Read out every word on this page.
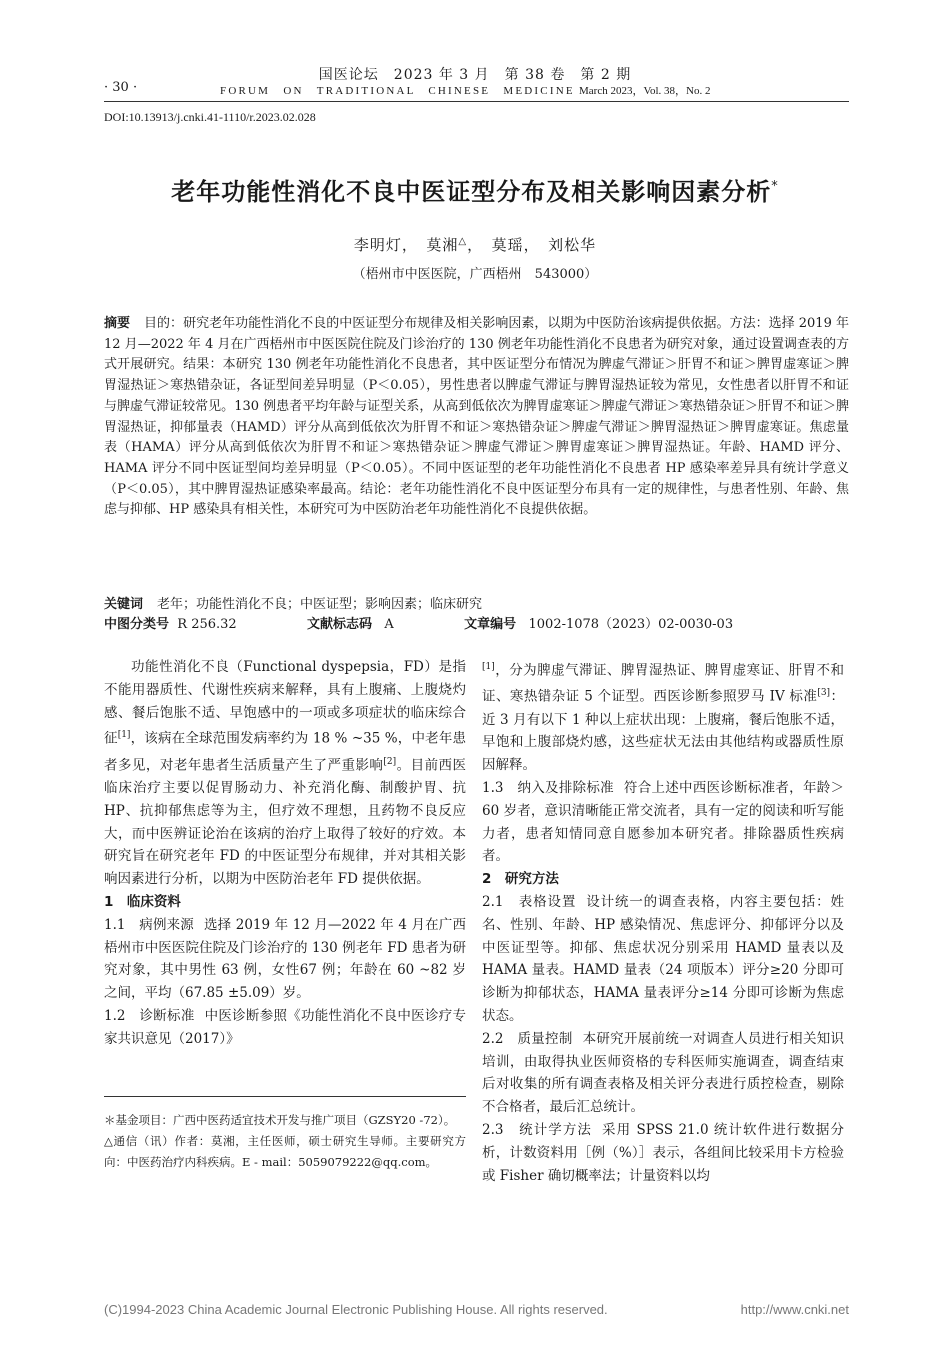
国医论坛　2023 年 3 月　第 38 卷　第 2 期
· 30 ·	FORUM　ON　TRADITIONAL　CHINESE　MEDICINE March 2023，Vol. 38，No. 2
DOI:10.13913/j.cnki.41-1110/r.2023.02.028
老年功能性消化不良中医证型分布及相关影响因素分析*
李明灯，　莫湘△，　莫瑶，　刘松华
（梧州市中医医院，广西梧州　543000）
摘要 目的：研究老年功能性消化不良的中医证型分布规律及相关影响因素，以期为中医防治该病提供依据。方法：选择 2019 年 12 月—2022 年 4 月在广西梧州市中医医院住院及门诊治疗的 130 例老年功能性消化不良患者为研究对象，通过设置调查表的方式开展研究。结果：本研究 130 例老年功能性消化不良患者，其中医证型分布情况为脾虚气滞证＞肝胃不和证＞脾胃虚寒证＞脾胃湿热证＞寒热错杂证，各证型间差异明显（P＜0.05），男性患者以脾虚气滞证与脾胃湿热证较为常见，女性患者以肝胃不和证与脾虚气滞证较常见。130 例患者平均年龄与证型关系，从高到低依次为脾胃虚寒证＞脾虚气滞证＞寒热错杂证＞肝胃不和证＞脾胃湿热证，抑郁量表（HAMD）评分从高到低依次为肝胃不和证＞寒热错杂证＞脾虚气滞证＞脾胃湿热证＞脾胃虚寒证。焦虑量表（HAMA）评分从高到低依次为肝胃不和证＞寒热错杂证＞脾虚气滞证＞脾胃虚寒证＞脾胃湿热证。年龄、HAMD 评分、HAMA 评分不同中医证型间均差异明显（P＜0.05）。不同中医证型的老年功能性消化不良患者 HP 感染率差异具有统计学意义（P＜0.05），其中脾胃湿热证感染率最高。结论：老年功能性消化不良中医证型分布具有一定的规律性，与患者性别、年龄、焦虑与抑郁、HP 感染具有相关性，本研究可为中医防治老年功能性消化不良提供依据。
关键词 老年；功能性消化不良；中医证型；影响因素；临床研究
中图分类号 R 256.32	文献标志码 A	文章编号 1002-1078（2023）02-0030-03

功能性消化不良（Functional dyspepsia，FD）是指不能用器质性、代谢性疾病来解释，具有上腹痛、上腹烧灼感、餐后饱胀不适、早饱感中的一项或多项症状的临床综合征[1]，该病在全球范围发病率约为 18 % ~35 %，中老年患者多见，对老年患者生活质量产生了严重影响[2]。目前西医临床治疗主要以促胃肠动力、补充消化酶、制酸护胃、抗 HP、抗抑郁焦虑等为主，但疗效不理想，且药物不良反应大，而中医辨证论治在该病的治疗上取得了较好的疗效。本研究旨在研究老年 FD 的中医证型分布规律，并对其相关影响因素进行分析，以期为中医防治老年 FD 提供依据。

1　临床资料

1.1　病例来源 选择 2019 年 12 月—2022 年 4 月在广西梧州市中医医院住院及门诊治疗的 130 例老年 FD 患者为研究对象，其中男性 63 例，女性67 例；年龄在 60 ~82 岁之间，平均（67.85 ±5.09）岁。

1.2　诊断标准 中医诊断参照《功能性消化不良中医诊疗专家共识意见（2017）》

＊基金项目：广西中医药适宜技术开发与推广项目（GZSY20 -72）。

△通信（讯）作者：莫湘，主任医师，硕士研究生导师。主要研究方向：中医药治疗内科疾病。E - mail：5059079222@qq.com。

[1]，分为脾虚气滞证、脾胃湿热证、脾胃虚寒证、肝胃不和证、寒热错杂证 5 个证型。西医诊断参照罗马 IV 标准[3]：近 3 月有以下 1 种以上症状出现：上腹痛，餐后饱胀不适，早饱和上腹部烧灼感，这些症状无法由其他结构或器质性原因解释。

1.3　纳入及排除标准 符合上述中西医诊断标准者，年龄＞60 岁者，意识清晰能正常交流者，具有一定的阅读和听写能力者，患者知情同意自愿参加本研究者。排除器质性疾病者。

2　研究方法

2.1　表格设置 设计统一的调查表格，内容主要包括：姓名、性别、年龄、HP 感染情况、焦虑评分、抑郁评分以及中医证型等。抑郁、焦虑状况分别采用 HAMD 量表以及 HAMA 量表。HAMD 量表（24 项版本）评分≥20 分即可诊断为抑郁状态，HAMA 量表评分≥14 分即可诊断为焦虑状态。

2.2　质量控制 本研究开展前统一对调查人员进行相关知识培训，由取得执业医师资格的专科医师实施调查，调查结束后对收集的所有调查表格及相关评分表进行质控检查，剔除不合格者，最后汇总统计。

2.3　统计学方法 采用 SPSS 21.0 统计软件进行数据分析，计数资料用［例（%）］表示，各组间比较采用卡方检验或 Fisher 确切概率法；计量资料以均

(C)1994-2023 China Academic Journal Electronic Publishing House. All rights reserved.	http://www.cnki.net
